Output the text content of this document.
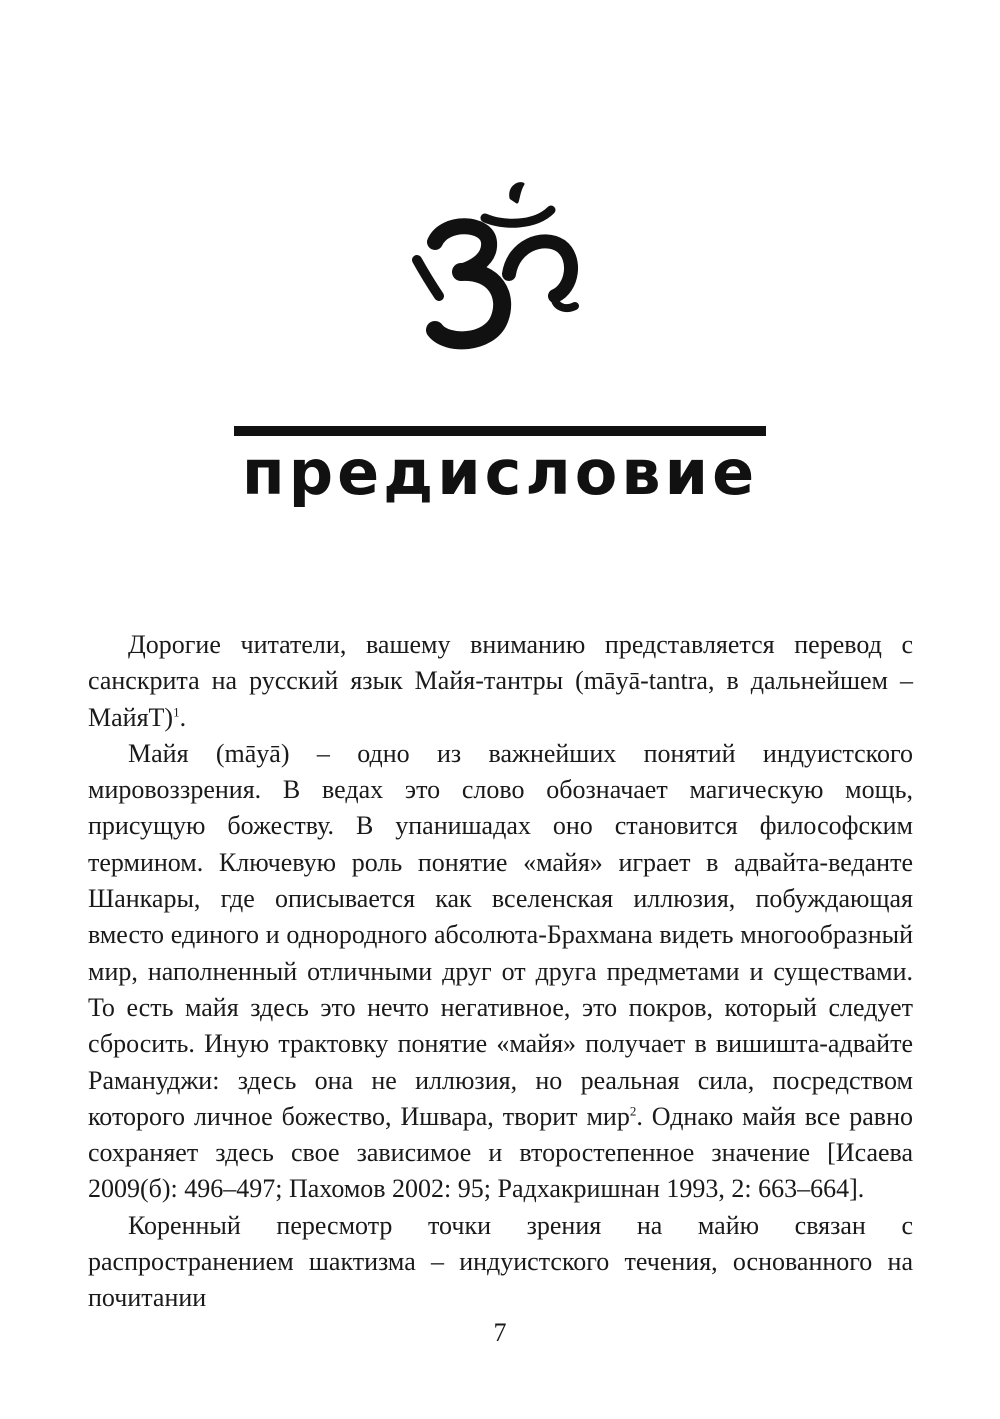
предисловие

Дорогие читатели, вашему вниманию представляется перевод с санскрита на русский язык Майя-тантры (māyā-tantra, в дальнейшем – МайяТ)$^1$.

Майя (māyā) – одно из важнейших понятий индуистского мировоззрения. В ведах это слово обозначает магическую мощь, присущую божеству. В упанишадах оно становится философским термином. Ключевую роль понятие «майя» играет в адвайта-веданте Шанкары, где описывается как вселенская иллюзия, побуждающая вместо единого и однородного абсолюта-Брахмана видеть многообразный мир, наполненный отличными друг от друга предметами и существами. То есть майя здесь это нечто негативное, это покров, который следует сбросить. Иную трактовку понятие «майя» получает в вишишта-адвайте Рамануджи: здесь она не иллюзия, но реальная сила, посредством которого личное божество, Ишвара, творит мир$^2$. Однако майя все равно сохраняет здесь свое зависимое и второстепенное значение [Исаева 2009(б): 496–497; Пахомов 2002: 95; Радхакришнан 1993, 2: 663–664].

Коренный пересмотр точки зрения на майю связан с распространением шактизма – индуистского течения, основанного на почитании

7
